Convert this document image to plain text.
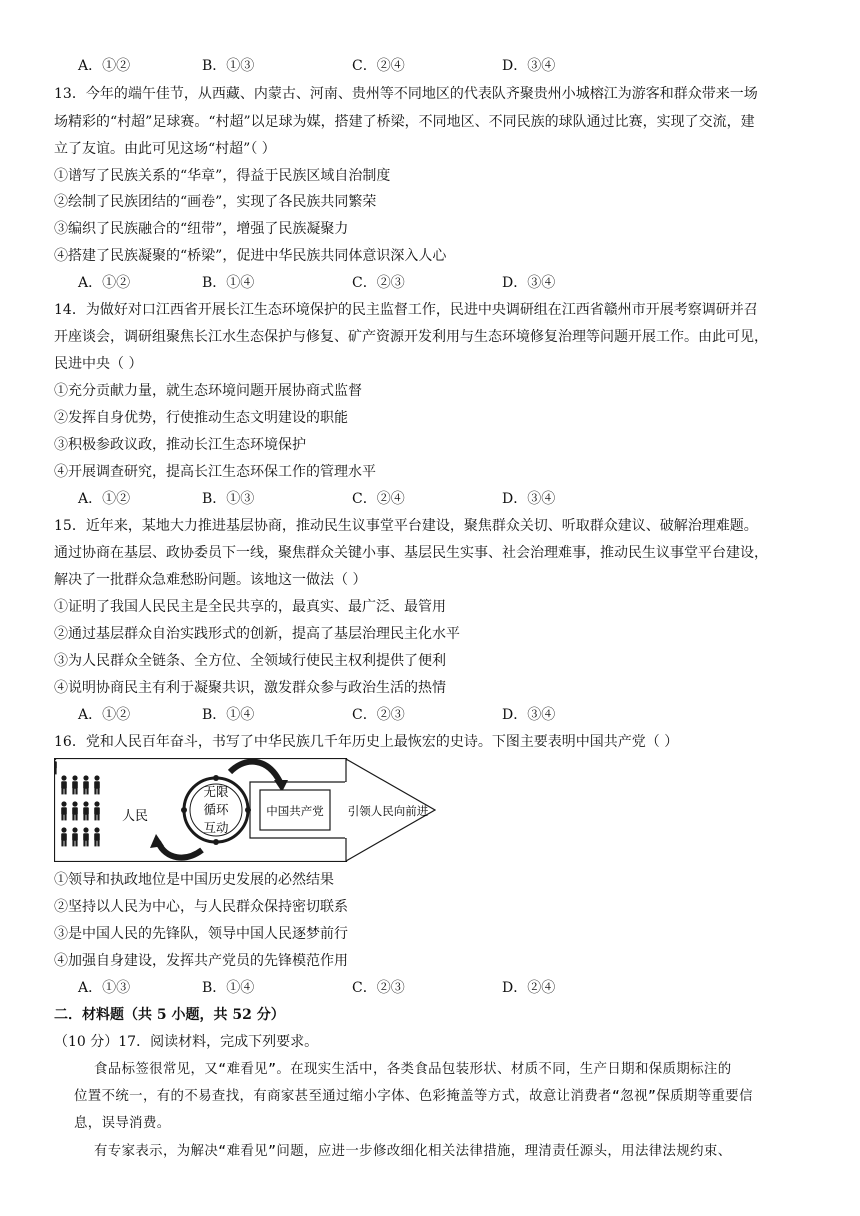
A．①②	B．①③	C．②④	D．③④
13．今年的端午佳节，从西藏、内蒙古、河南、贵州等不同地区的代表队齐聚贵州小城榕江为游客和群众带来一场
场精彩的“村超”足球赛。“村超”以足球为媒，搭建了桥梁，不同地区、不同民族的球队通过比赛，实现了交流，建
立了友谊。由此可见这场“村超”（ ）
①谱写了民族关系的“华章”，得益于民族区域自治制度
②绘制了民族团结的“画卷”，实现了各民族共同繁荣
③编织了民族融合的“纽带”，增强了民族凝聚力
④搭建了民族凝聚的“桥梁”，促进中华民族共同体意识深入人心
A．①②	B．①④	C．②③	D．③④
14．为做好对口江西省开展长江生态环境保护的民主监督工作，民进中央调研组在江西省赣州市开展考察调研并召
开座谈会，调研组聚焦长江水生态保护与修复、矿产资源开发利用与生态环境修复治理等问题开展工作。由此可见，
民进中央（ ）
①充分贡献力量，就生态环境问题开展协商式监督
②发挥自身优势，行使推动生态文明建设的职能
③积极参政议政，推动长江生态环境保护
④开展调查研究，提高长江生态环保工作的管理水平
A．①②	B．①③	C．②④	D．③④
15．近年来，某地大力推进基层协商，推动民生议事堂平台建设，聚焦群众关切、听取群众建议、破解治理难题。
通过协商在基层、政协委员下一线，聚焦群众关键小事、基层民生实事、社会治理难事，推动民生议事堂平台建设，
解决了一批群众急难愁盼问题。该地这一做法（ ）
①证明了我国人民民主是全民共享的，最真实、最广泛、最管用
②通过基层群众自治实践形式的创新，提高了基层治理民主化水平
③为人民群众全链条、全方位、全领域行使民主权利提供了便利
④说明协商民主有利于凝聚共识，激发群众参与政治生活的热情
A．①②	B．①④	C．②③	D．③④
16．党和人民百年奋斗，书写了中华民族几千年历史上最恢宏的史诗。下图主要表明中国共产党（ ）
人民
无限
循环
互动
中国共产党 引领人民向前进
①领导和执政地位是中国历史发展的必然结果
②坚持以人民为中心，与人民群众保持密切联系
③是中国人民的先锋队，领导中国人民逐梦前行
④加强自身建设，发挥共产党员的先锋模范作用
A．①③	B．①④	C．②③	D．②④
二．材料题（共 5 小题，共 52 分）
（10 分）17．阅读材料，完成下列要求。
食品标签很常见，又“难看见”。在现实生活中，各类食品包装形状、材质不同，生产日期和保质期标注的
位置不统一，有的不易查找，有商家甚至通过缩小字体、色彩掩盖等方式，故意让消费者“忽视”保质期等重要信
息，误导消费。
有专家表示，为解决“难看见”问题，应进一步修改细化相关法律措施，理清责任源头，用法律法规约束、
